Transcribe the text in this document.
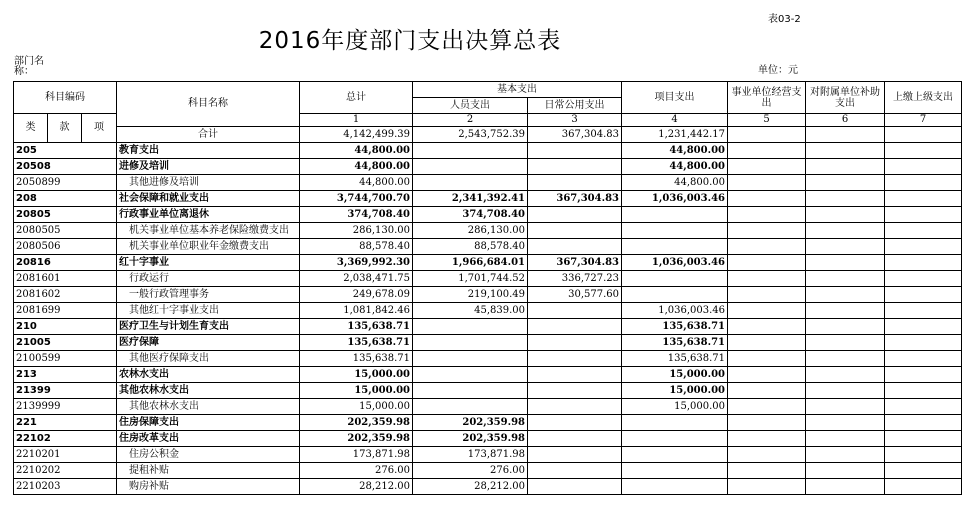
表03-2
2016年度部门支出决算总表
部门名
称：	单位：元
科目编码			科目名称	总计	基本支出		项目支出	事业单位经营支出	对附属单位补助支出	上缴上级支出
					人员支出	日常公用支出				
类	款	项		1	2	3	4	5	6	7
			合计	4,142,499.39	2,543,752.39	367,304.83	1,231,442.17			
205			教育支出	44,800.00			44,800.00			
20508			进修及培训	44,800.00			44,800.00			
2050899			其他进修及培训	44,800.00			44,800.00			
208			社会保障和就业支出	3,744,700.70	2,341,392.41	367,304.83	1,036,003.46			
20805			行政事业单位离退休	374,708.40	374,708.40					
2080505			机关事业单位基本养老保险缴费支出	286,130.00	286,130.00					
2080506			机关事业单位职业年金缴费支出	88,578.40	88,578.40					
20816			红十字事业	3,369,992.30	1,966,684.01	367,304.83	1,036,003.46			
2081601			行政运行	2,038,471.75	1,701,744.52	336,727.23				
2081602			一般行政管理事务	249,678.09	219,100.49	30,577.60				
2081699			其他红十字事业支出	1,081,842.46	45,839.00		1,036,003.46			
210			医疗卫生与计划生育支出	135,638.71			135,638.71			
21005			医疗保障	135,638.71			135,638.71			
2100599			其他医疗保障支出	135,638.71			135,638.71			
213			农林水支出	15,000.00			15,000.00			
21399			其他农林水支出	15,000.00			15,000.00			
2139999			其他农林水支出	15,000.00			15,000.00			
221			住房保障支出	202,359.98	202,359.98					
22102			住房改革支出	202,359.98	202,359.98					
2210201			住房公积金	173,871.98	173,871.98					
2210202			提租补贴	276.00	276.00					
2210203			购房补贴	28,212.00	28,212.00					
